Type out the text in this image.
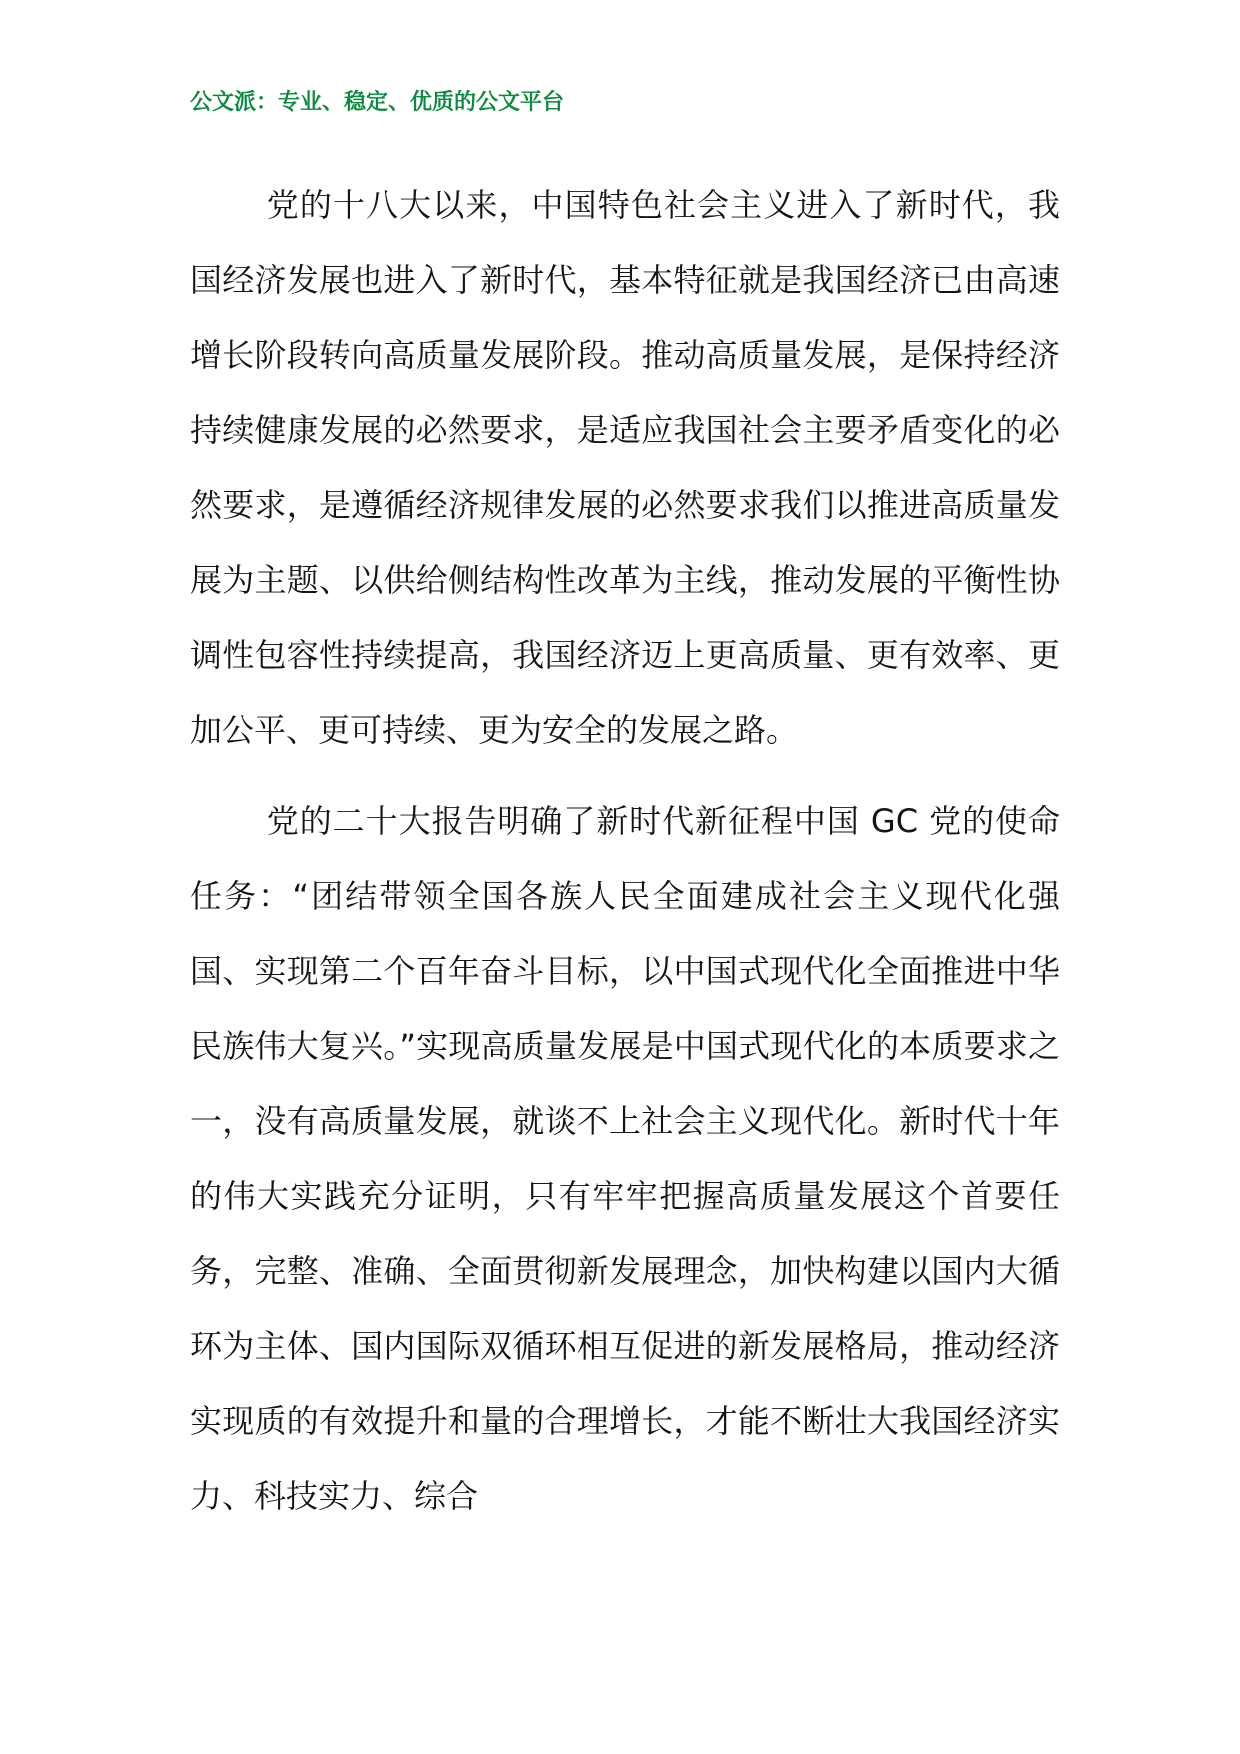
公文派：专业、稳定、优质的公文平台

党的十八大以来，中国特色社会主义进入了新时代，我国经济发展也进入了新时代，基本特征就是我国经济已由高速增长阶段转向高质量发展阶段。推动高质量发展，是保持经济持续健康发展的必然要求，是适应我国社会主要矛盾变化的必然要求，是遵循经济规律发展的必然要求我们以推进高质量发展为主题、以供给侧结构性改革为主线，推动发展的平衡性协调性包容性持续提高，我国经济迈上更高质量、更有效率、更加公平、更可持续、更为安全的发展之路。

党的二十大报告明确了新时代新征程中国 GC 党的使命任务：“团结带领全国各族人民全面建成社会主义现代化强国、实现第二个百年奋斗目标，以中国式现代化全面推进中华民族伟大复兴。”实现高质量发展是中国式现代化的本质要求之一，没有高质量发展，就谈不上社会主义现代化。新时代十年的伟大实践充分证明，只有牢牢把握高质量发展这个首要任务，完整、准确、全面贯彻新发展理念，加快构建以国内大循环为主体、国内国际双循环相互促进的新发展格局，推动经济实现质的有效提升和量的合理增长，才能不断壮大我国经济实力、科技实力、综合
